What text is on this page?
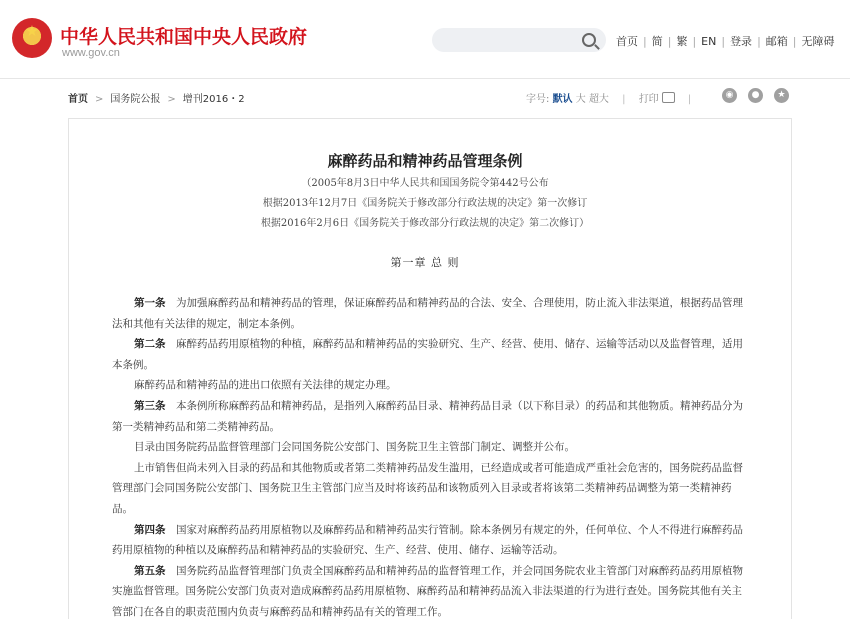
★	中华人民共和国中央人民政府
www.gov.cn
首页 | 简 | 繁 | EN | 登录 | 邮箱 | 无障碍
首页 > 国务院公报 > 增刊2016・2	字号: 默认 大 超大 | 打印	|	◉	●	★
麻醉药品和精神药品管理条例
（2005年8月3日中华人民共和国国务院令第442号公布
根据2013年12月7日《国务院关于修改部分行政法规的决定》第一次修订
根据2016年2月6日《国务院关于修改部分行政法规的决定》第二次修订）
第一章 总 则

第一条　 为加强麻醉药品和精神药品的管理，保证麻醉药品和精神药品的合法、安全、合理使用，防止流入非法渠道，根据药品管理法和其他有关法律的规定，制定本条例。

第二条　 麻醉药品药用原植物的种植，麻醉药品和精神药品的实验研究、生产、经营、使用、储存、运输等活动以及监督管理，适用本条例。

麻醉药品和精神药品的进出口依照有关法律的规定办理。

第三条　 本条例所称麻醉药品和精神药品，是指列入麻醉药品目录、精神药品目录（以下称目录）的药品和其他物质。精神药品分为第一类精神药品和第二类精神药品。

目录由国务院药品监督管理部门会同国务院公安部门、国务院卫生主管部门制定、调整并公布。

上市销售但尚未列入目录的药品和其他物质或者第二类精神药品发生滥用，已经造成或者可能造成严重社会危害的，国务院药品监督管理部门会同国务院公安部门、国务院卫生主管部门应当及时将该药品和该物质列入目录或者将该第二类精神药品调整为第一类精神药品。

第四条　 国家对麻醉药品药用原植物以及麻醉药品和精神药品实行管制。除本条例另有规定的外，任何单位、个人不得进行麻醉药品药用原植物的种植以及麻醉药品和精神药品的实验研究、生产、经营、使用、储存、运输等活动。

第五条　 国务院药品监督管理部门负责全国麻醉药品和精神药品的监督管理工作，并会同国务院农业主管部门对麻醉药品药用原植物实施监督管理。国务院公安部门负责对造成麻醉药品药用原植物、麻醉药品和精神药品流入非法渠道的行为进行查处。国务院其他有关主管部门在各自的职责范围内负责与麻醉药品和精神药品有关的管理工作。
